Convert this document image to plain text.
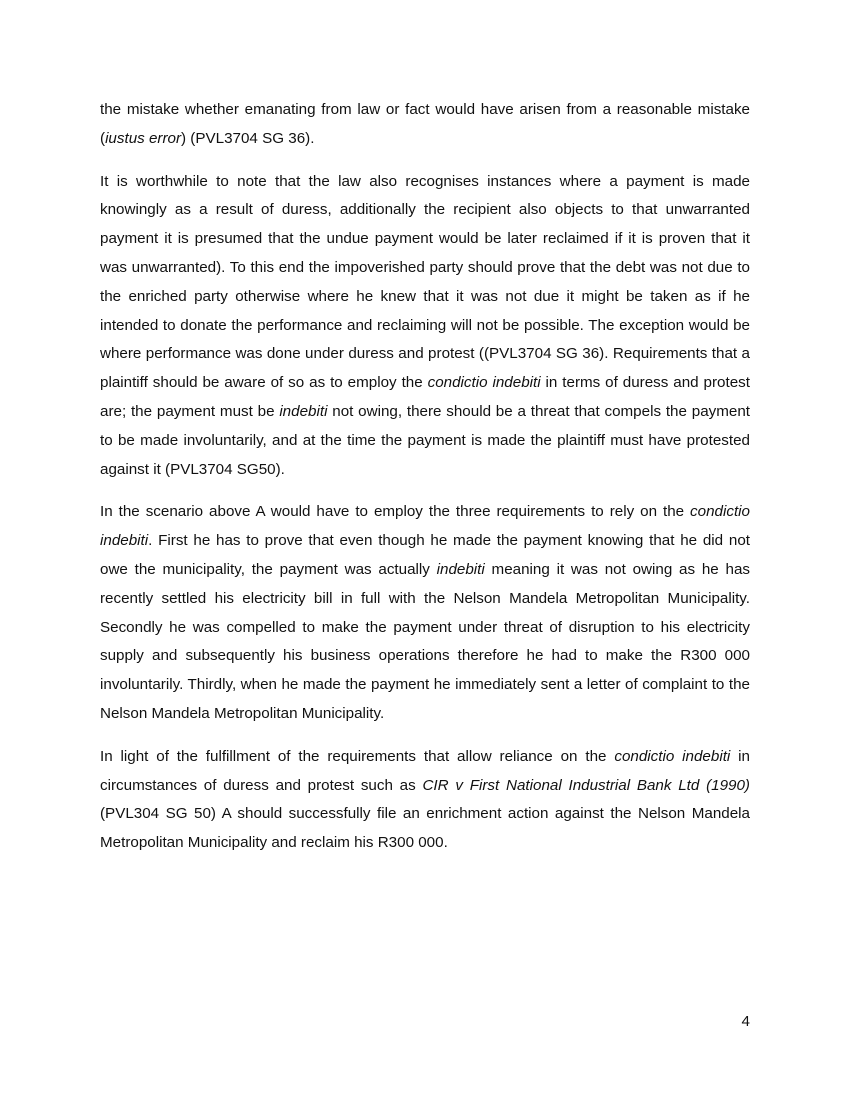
the mistake whether emanating from law or fact would have arisen from a reasonable mistake (iustus error) (PVL3704 SG 36).

It is worthwhile to note that the law also recognises instances where a payment is made knowingly as a result of duress, additionally the recipient also objects to that unwarranted payment it is presumed that the undue payment would be later reclaimed if it is proven that it was unwarranted). To this end the impoverished party should prove that the debt was not due to the enriched party otherwise where he knew that it was not due it might be taken as if he intended to donate the performance and reclaiming will not be possible. The exception would be where performance was done under duress and protest ((PVL3704 SG 36). Requirements that a plaintiff should be aware of so as to employ the condictio indebiti in terms of duress and protest are; the payment must be indebiti not owing, there should be a threat that compels the payment to be made involuntarily, and at the time the payment is made the plaintiff must have protested against it (PVL3704 SG50).

In the scenario above A would have to employ the three requirements to rely on the condictio indebiti. First he has to prove that even though he made the payment knowing that he did not owe the municipality, the payment was actually indebiti meaning it was not owing as he has recently settled his electricity bill in full with the Nelson Mandela Metropolitan Municipality. Secondly he was compelled to make the payment under threat of disruption to his electricity supply and subsequently his business operations therefore he had to make the R300 000 involuntarily. Thirdly, when he made the payment he immediately sent a letter of complaint to the Nelson Mandela Metropolitan Municipality.

In light of the fulfillment of the requirements that allow reliance on the condictio indebiti in circumstances of duress and protest such as CIR v First National Industrial Bank Ltd (1990) (PVL304 SG 50) A should successfully file an enrichment action against the Nelson Mandela Metropolitan Municipality and reclaim his R300 000.

4
